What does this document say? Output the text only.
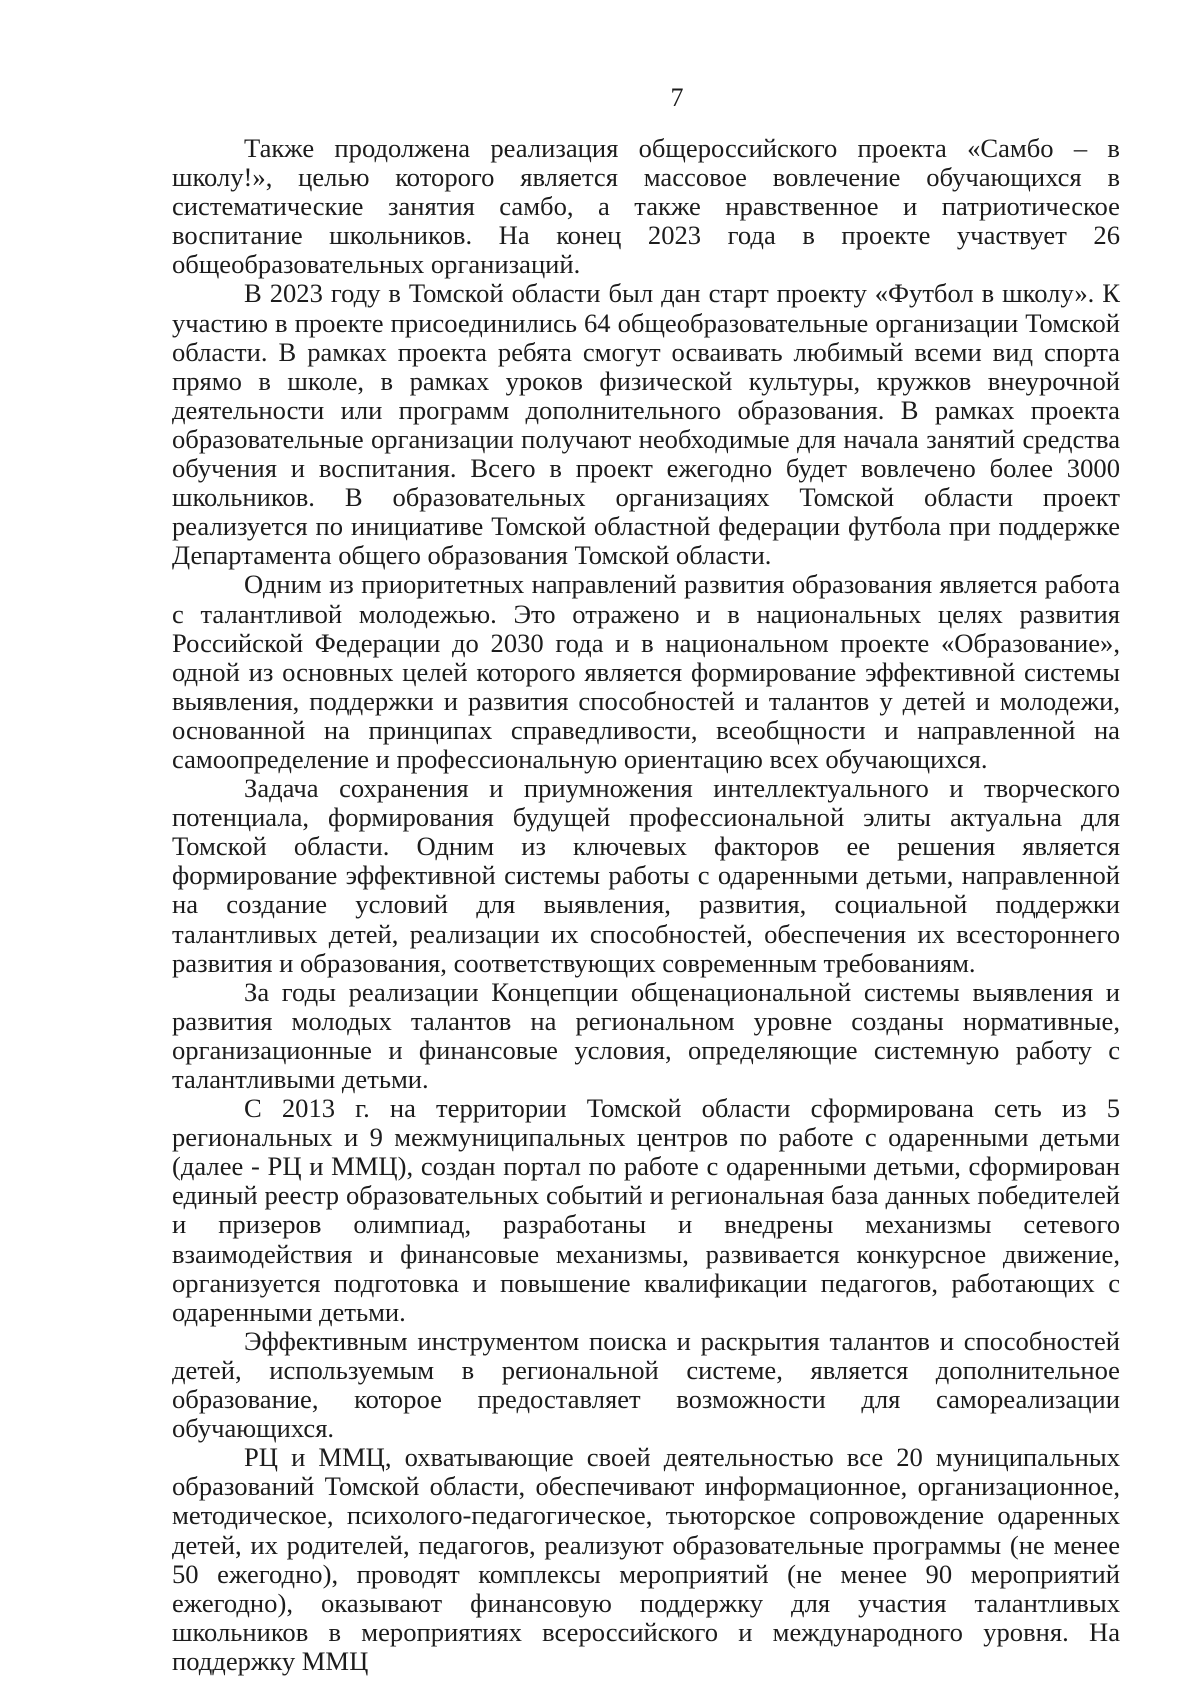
7

Также продолжена реализация общероссийского проекта «Самбо – в школу!», целью которого является массовое вовлечение обучающихся в систематические занятия самбо, а также нравственное и патриотическое воспитание школьников. На конец 2023 года в проекте участвует 26 общеобразовательных организаций.

В 2023 году в Томской области был дан старт проекту «Футбол в школу». К участию в проекте присоединились 64 общеобразовательные организации Томской области. В рамках проекта ребята смогут осваивать любимый всеми вид спорта прямо в школе, в рамках уроков физической культуры, кружков внеурочной деятельности или программ дополнительного образования. В рамках проекта образовательные организации получают необходимые для начала занятий средства обучения и воспитания. Всего в проект ежегодно будет вовлечено более 3000 школьников. В образовательных организациях Томской области проект реализуется по инициативе Томской областной федерации футбола при поддержке Департамента общего образования Томской области.

Одним из приоритетных направлений развития образования является работа с талантливой молодежью. Это отражено и в национальных целях развития Российской Федерации до 2030 года и в национальном проекте «Образование», одной из основных целей которого является формирование эффективной системы выявления, поддержки и развития способностей и талантов у детей и молодежи, основанной на принципах справедливости, всеобщности и направленной на самоопределение и профессиональную ориентацию всех обучающихся.

Задача сохранения и приумножения интеллектуального и творческого потенциала, формирования будущей профессиональной элиты актуальна для Томской области. Одним из ключевых факторов ее решения является формирование эффективной системы работы с одаренными детьми, направленной на создание условий для выявления, развития, социальной поддержки талантливых детей, реализации их способностей, обеспечения их всестороннего развития и образования, соответствующих современным требованиям.

За годы реализации Концепции общенациональной системы выявления и развития молодых талантов на региональном уровне созданы нормативные, организационные и финансовые условия, определяющие системную работу с талантливыми детьми.

С 2013 г. на территории Томской области сформирована сеть из 5 региональных и 9 межмуниципальных центров по работе с одаренными детьми (далее - РЦ и ММЦ), создан портал по работе с одаренными детьми, сформирован единый реестр образовательных событий и региональная база данных победителей и призеров олимпиад, разработаны и внедрены механизмы сетевого взаимодействия и финансовые механизмы, развивается конкурсное движение, организуется подготовка и повышение квалификации педагогов, работающих с одаренными детьми.

Эффективным инструментом поиска и раскрытия талантов и способностей детей, используемым в региональной системе, является дополнительное образование, которое предоставляет возможности для самореализации обучающихся.

РЦ и ММЦ, охватывающие своей деятельностью все 20 муниципальных образований Томской области, обеспечивают информационное, организационное, методическое, психолого-педагогическое, тьюторское сопровождение одаренных детей, их родителей, педагогов, реализуют образовательные программы (не менее 50 ежегодно), проводят комплексы мероприятий (не менее 90 мероприятий ежегодно), оказывают финансовую поддержку для участия талантливых школьников в мероприятиях всероссийского и международного уровня. На поддержку ММЦ
